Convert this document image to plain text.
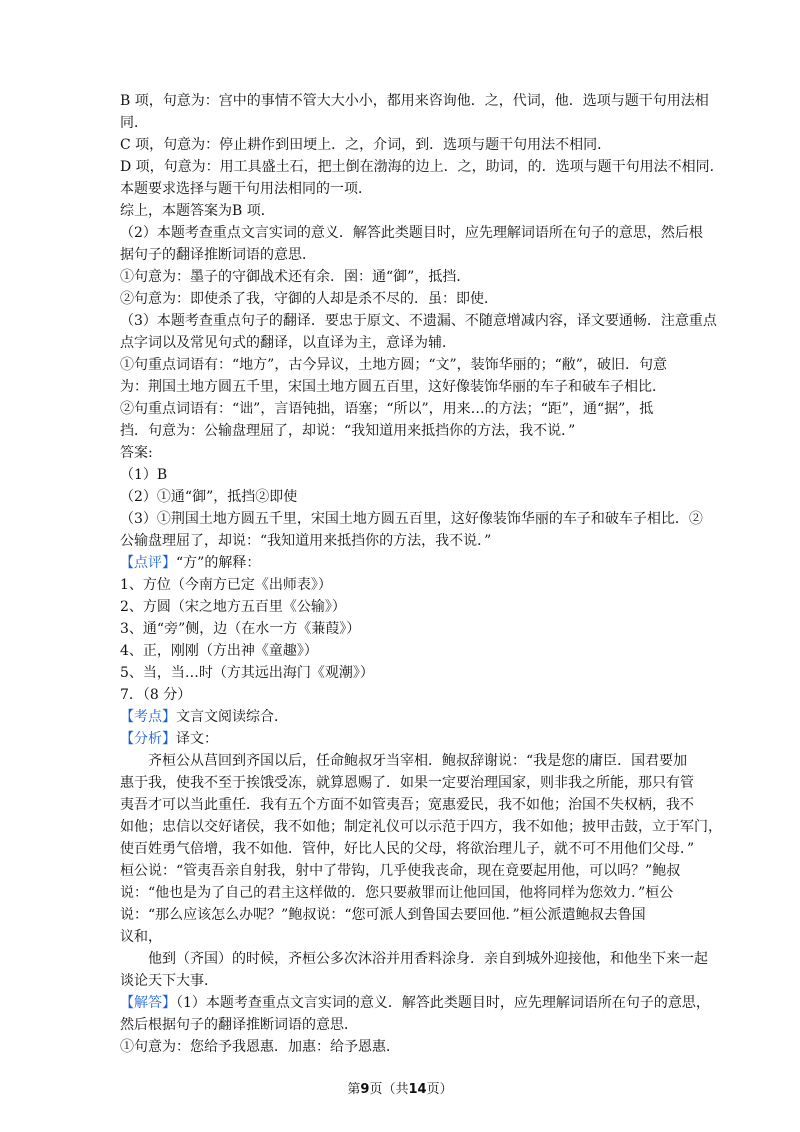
B 项，句意为：宫中的事情不管大大小小，都用来咨询他．之，代词，他．选项与题干句用法相
同．
C 项，句意为：停止耕作到田埂上．之，介词，到．选项与题干句用法不相同．
D 项，句意为：用工具盛土石，把土倒在渤海的边上．之，助词，的．选项与题干句用法不相同．
本题要求选择与题干句用法相同的一项．
综上，本题答案为B 项．
（2）本题考查重点文言实词的意义．解答此类题目时，应先理解词语所在句子的意思，然后根
据句子的翻译推断词语的意思．
①句意为：墨子的守御战术还有余．圉：通“御”，抵挡．
②句意为：即使杀了我，守御的人却是杀不尽的．虽：即使．
（3）本题考查重点句子的翻译．要忠于原文、不遗漏、不随意增减内容，译文要通畅．注意重点
点字词以及常见句式的翻译，以直译为主，意译为辅．
①句重点词语有：“地方”，古今异议，土地方圆；“文”，装饰华丽的；“敝”，破旧．句意
为：荆国土地方圆五千里，宋国土地方圆五百里，这好像装饰华丽的车子和破车子相比．
②句重点词语有：“诎”，言语钝拙，语塞；“所以”，用来…的方法；“距”，通“据”，抵
挡．句意为：公输盘理屈了，却说：“我知道用来抵挡你的方法，我不说．”
答案:
（1）B
（2）①通“御”，抵挡②即使
（3）①荆国土地方圆五千里，宋国土地方圆五百里，这好像装饰华丽的车子和破车子相比．②
公输盘理屈了，却说：“我知道用来抵挡你的方法，我不说．”
【点评】“方”的解释：
1、方位（今南方已定《出师表》）
2、方圆（宋之地方五百里《公输》）
3、通“旁”侧，边（在水一方《蒹葭》）
4、正，刚刚（方出神《童趣》）
5、当，当…时（方其远出海门《观潮》）
7．（8 分）
【考点】文言文阅读综合．
【分析】译文：
齐桓公从莒回到齐国以后，任命鲍叔牙当宰相．鲍叔辞谢说：“我是您的庸臣．国君要加
惠于我，使我不至于挨饿受冻，就算恩赐了．如果一定要治理国家，则非我之所能，那只有管
夷吾才可以当此重任．我有五个方面不如管夷吾；宽惠爱民，我不如他；治国不失权柄，我不
如他；忠信以交好诸侯，我不如他；制定礼仪可以示范于四方，我不如他；披甲击鼓，立于军门，
使百姓勇气倍增，我不如他．管仲，好比人民的父母，将欲治理儿子，就不可不用他们父母．”
桓公说：“管夷吾亲自射我，射中了带钩，几乎使我丧命，现在竟要起用他，可以吗？”鲍叔
说：“他也是为了自己的君主这样做的．您只要赦罪而让他回国，他将同样为您效力．”桓公
说：“那么应该怎么办呢？”鲍叔说：“您可派人到鲁国去要回他．”桓公派遣鲍叔去鲁国
议和，
他到（齐国）的时候，齐桓公多次沐浴并用香料涂身．亲自到城外迎接他，和他坐下来一起
谈论天下大事．
【解答】（1）本题考查重点文言实词的意义．解答此类题目时，应先理解词语所在句子的意思，
然后根据句子的翻译推断词语的意思．
①句意为：您给予我恩惠．加惠：给予恩惠．
第9页（共14页）
